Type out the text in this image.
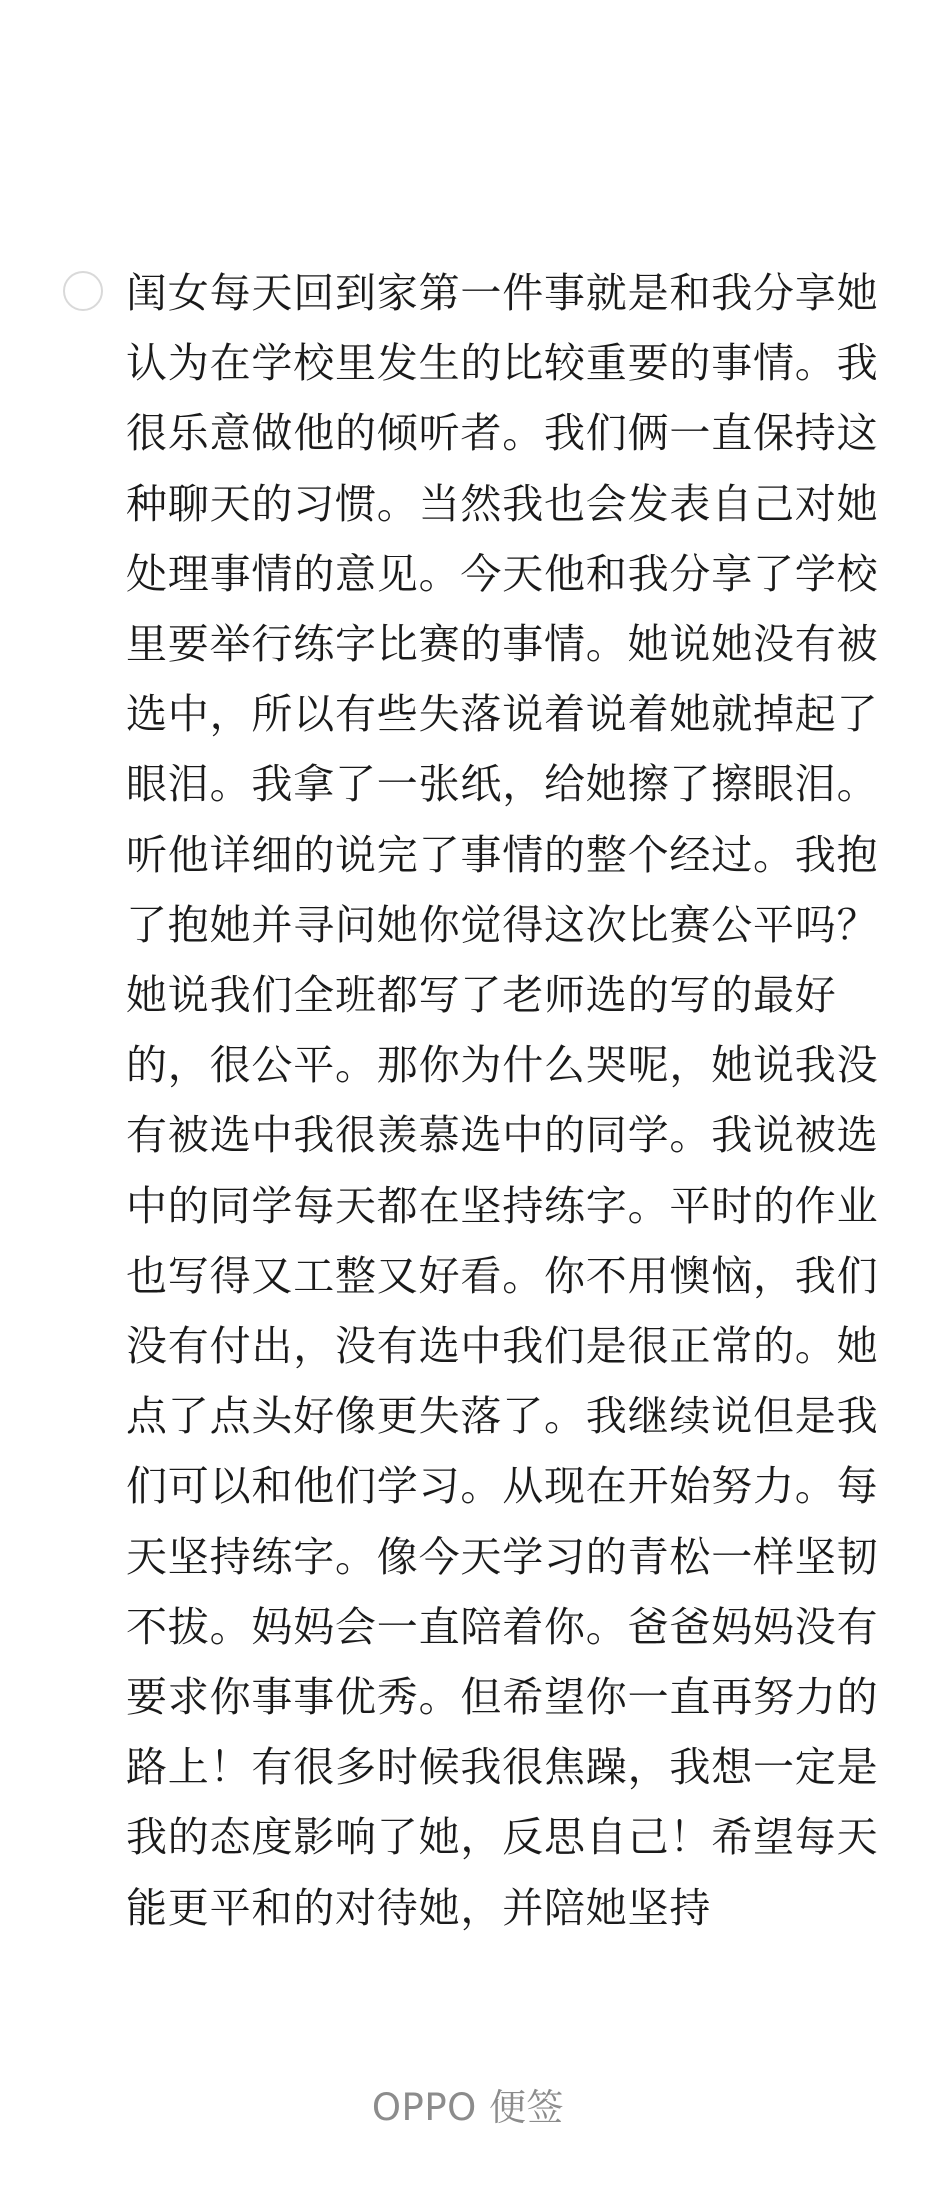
闺女每天回到家第一件事就是和我分享她
认为在学校里发生的比较重要的事情。我
很乐意做他的倾听者。我们俩一直保持这
种聊天的习惯。当然我也会发表自己对她
处理事情的意见。今天他和我分享了学校
里要举行练字比赛的事情。她说她没有被
选中，所以有些失落说着说着她就掉起了
眼泪。我拿了一张纸，给她擦了擦眼泪。
听他详细的说完了事情的整个经过。我抱
了抱她并寻问她你觉得这次比赛公平吗？
她说我们全班都写了老师选的写的最好
的，很公平。那你为什么哭呢，她说我没
有被选中我很羡慕选中的同学。我说被选
中的同学每天都在坚持练字。平时的作业
也写得又工整又好看。你不用懊恼，我们
没有付出，没有选中我们是很正常的。她
点了点头好像更失落了。我继续说但是我
们可以和他们学习。从现在开始努力。每
天坚持练字。像今天学习的青松一样坚韧
不拔。妈妈会一直陪着你。爸爸妈妈没有
要求你事事优秀。但希望你一直再努力的
路上！有很多时候我很焦躁，我想一定是
我的态度影响了她，反思自己！希望每天
能更平和的对待她，并陪她坚持
OPPO 便签
